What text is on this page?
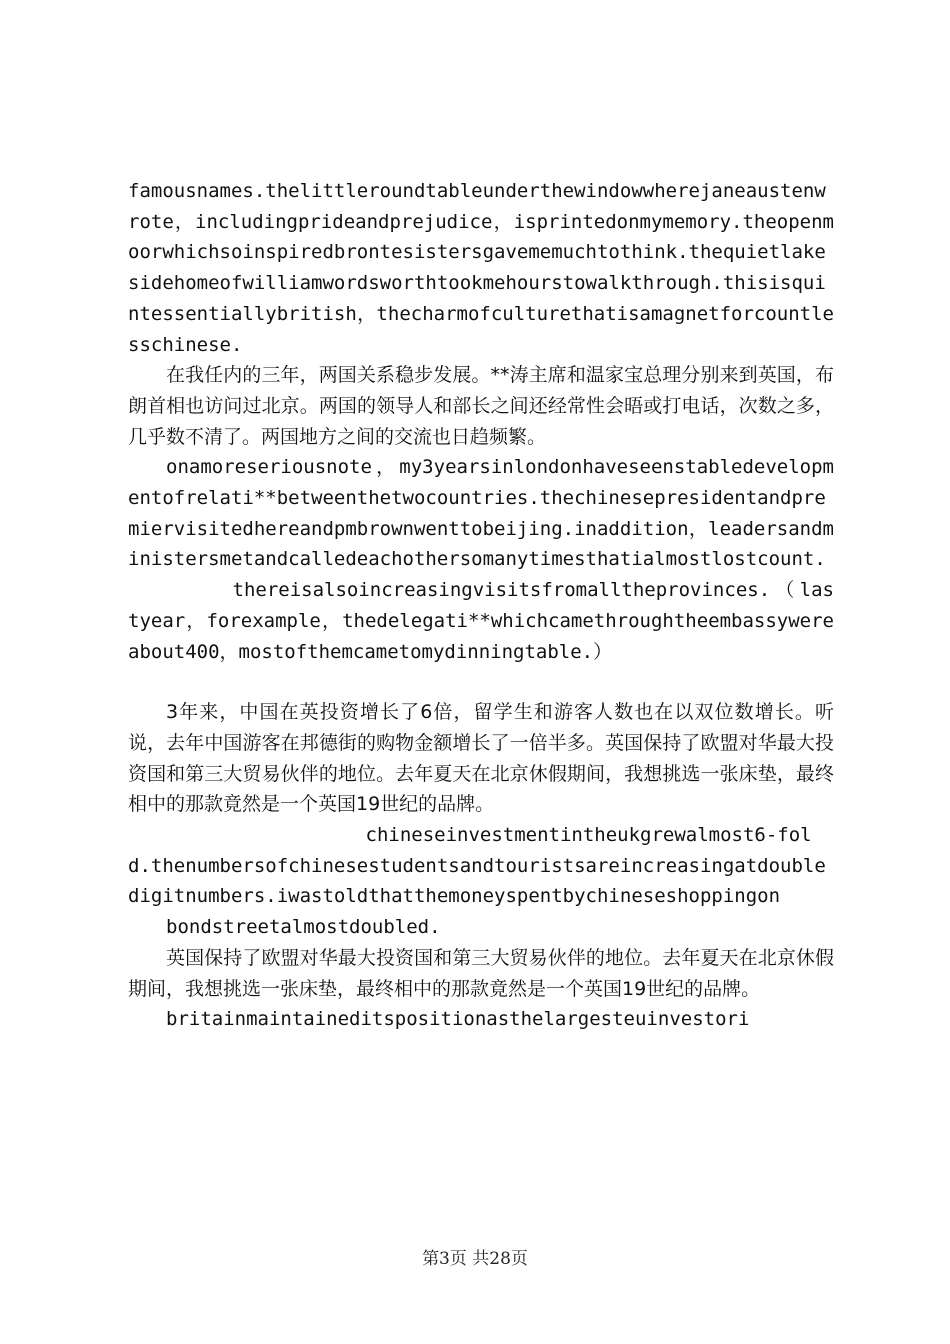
famousnames.thelittleroundtableunderthewindowwherejaneaustenwrote，includingprideandprejudice，isprintedonmymemory.theopenmoorwhichsoinspiredbrontesistersgavememuchtothink.thequietlakesidehomeofwilliamwordsworthtookmehourstowalkthrough.thisisquintessentiallybritish，thecharmofculturethatisamagnetforcountlesschinese.

在我任内的三年，两国关系稳步发展。**涛主席和温家宝总理分别来到英国，布朗首相也访问过北京。两国的领导人和部长之间还经常性会晤或打电话，次数之多，几乎数不清了。两国地方之间的交流也日趋频繁。

onamoreseriousnote，my3yearsinlondonhaveseenstabledevelopmentofrelati**betweenthetwocountries.thechinesepresidentandpremiervisitedhereandpmbrownwenttobeijing.inaddition，leadersandministersmetandcalledeachothersomanytimesthatialmostlostcount.

thereisalsoincreasingvisitsfromalltheprovinces.（lastyear，forexample，thedelegati**whichcamethroughtheembassywereabout400，mostofthemcametomydinningtable.）

3年来，中国在英投资增长了6倍，留学生和游客人数也在以双位数增长。听说，去年中国游客在邦德街的购物金额增长了一倍半多。英国保持了欧盟对华最大投资国和第三大贸易伙伴的地位。去年夏天在北京休假期间，我想挑选一张床垫，最终相中的那款竟然是一个英国19世纪的品牌。

chineseinvestmentintheukgrewalmost6-fold.thenumbersofchinesestudentsandtouristsareincreasingatdoubledigitnumbers.iwastoldthatthemoneyspentbychineseshoppingon

bondstreetalmostdoubled.

英国保持了欧盟对华最大投资国和第三大贸易伙伴的地位。去年夏天在北京休假期间，我想挑选一张床垫，最终相中的那款竟然是一个英国19世纪的品牌。

britainmaintaineditspositionasthelargesteuinvestori

第3页 共28页
